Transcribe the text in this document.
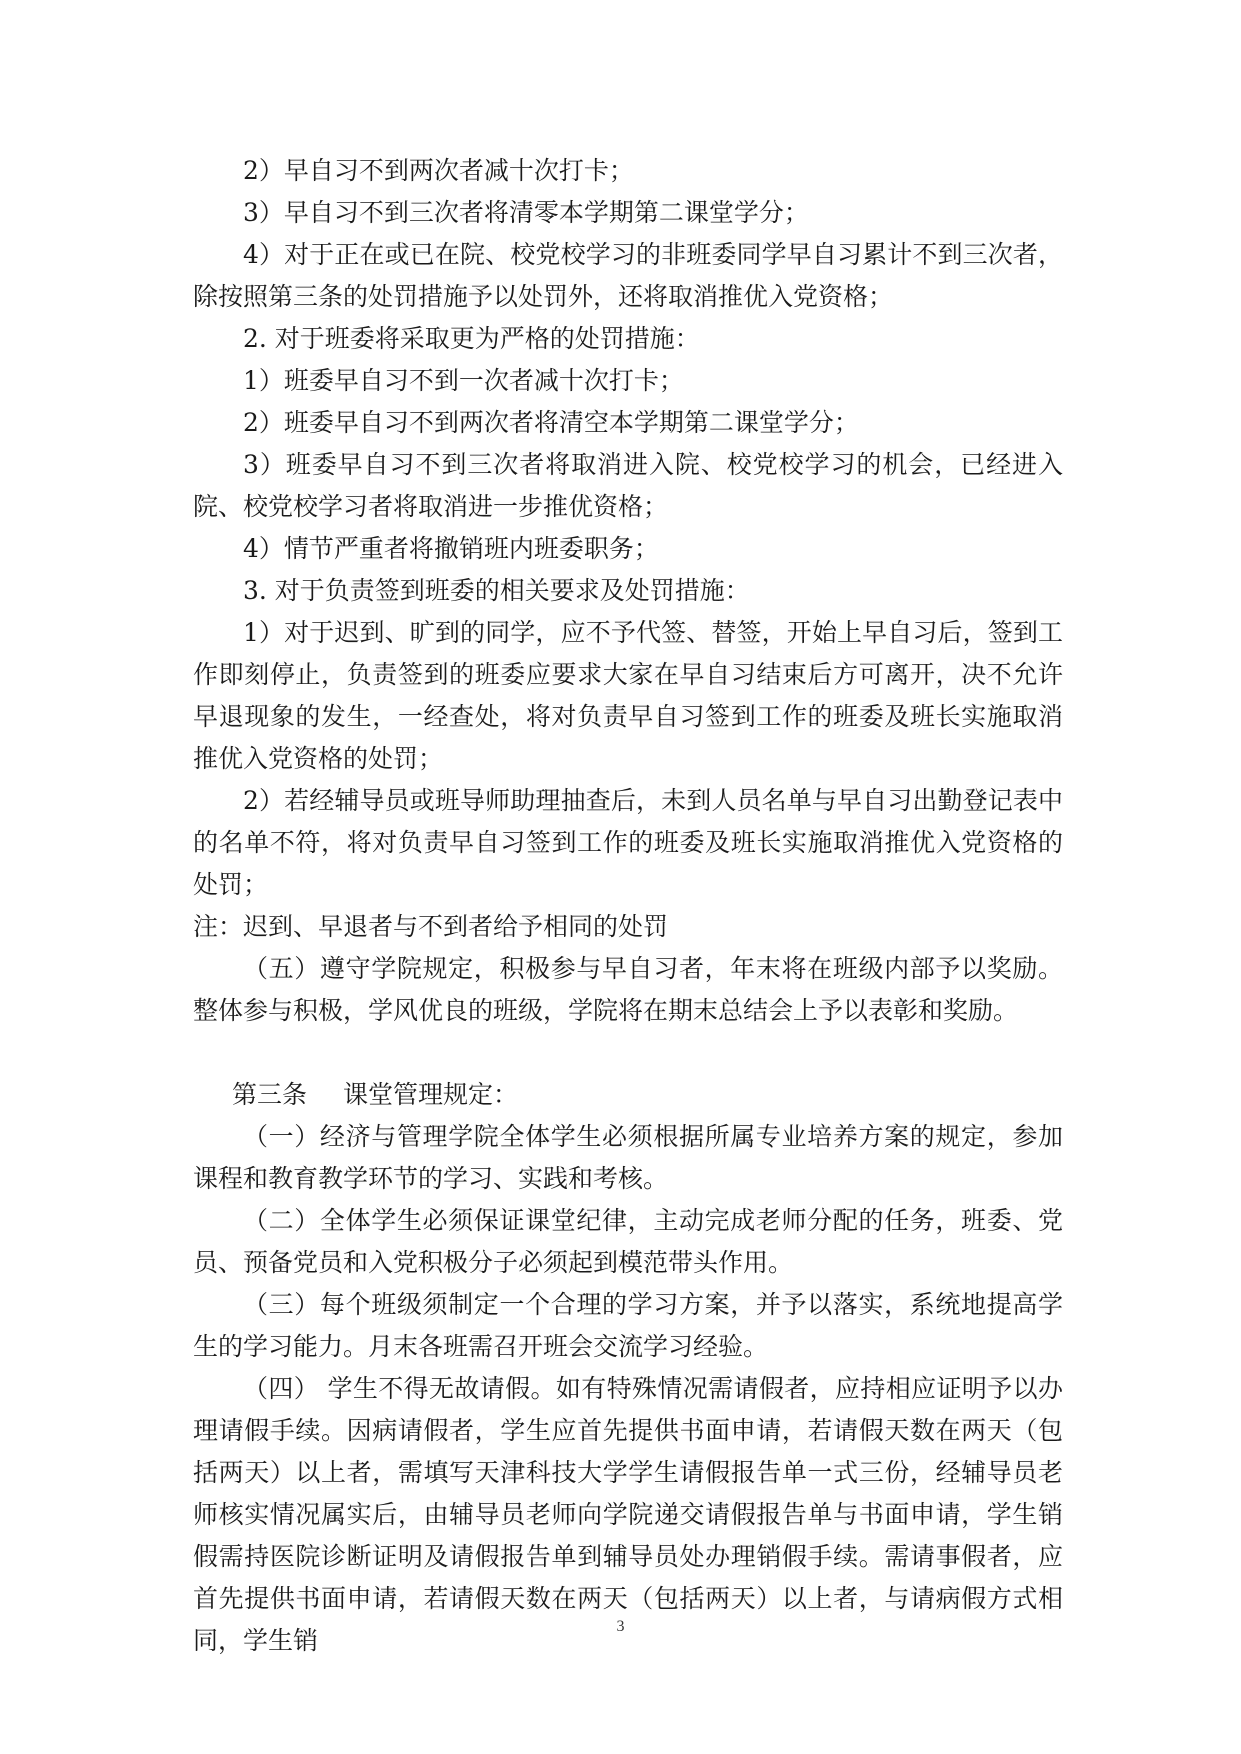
2）早自习不到两次者减十次打卡；

3）早自习不到三次者将清零本学期第二课堂学分；

4）对于正在或已在院、校党校学习的非班委同学早自习累计不到三次者，除按照第三条的处罚措施予以处罚外，还将取消推优入党资格；

2. 对于班委将采取更为严格的处罚措施：

1）班委早自习不到一次者减十次打卡；

2）班委早自习不到两次者将清空本学期第二课堂学分；

3）班委早自习不到三次者将取消进入院、校党校学习的机会，已经进入院、校党校学习者将取消进一步推优资格；

4）情节严重者将撤销班内班委职务；

3. 对于负责签到班委的相关要求及处罚措施：

1）对于迟到、旷到的同学，应不予代签、替签，开始上早自习后，签到工作即刻停止，负责签到的班委应要求大家在早自习结束后方可离开，决不允许早退现象的发生，一经查处，将对负责早自习签到工作的班委及班长实施取消推优入党资格的处罚；

2）若经辅导员或班导师助理抽查后，未到人员名单与早自习出勤登记表中的名单不符，将对负责早自习签到工作的班委及班长实施取消推优入党资格的处罚；

注：迟到、早退者与不到者给予相同的处罚

（五）遵守学院规定，积极参与早自习者，年末将在班级内部予以奖励。整体参与积极，学风优良的班级，学院将在期末总结会上予以表彰和奖励。

第三条 课堂管理规定：

（一）经济与管理学院全体学生必须根据所属专业培养方案的规定，参加课程和教育教学环节的学习、实践和考核。

（二）全体学生必须保证课堂纪律，主动完成老师分配的任务，班委、党员、预备党员和入党积极分子必须起到模范带头作用。

（三）每个班级须制定一个合理的学习方案，并予以落实，系统地提高学生的学习能力。月末各班需召开班会交流学习经验。

（四） 学生不得无故请假。如有特殊情况需请假者，应持相应证明予以办理请假手续。因病请假者，学生应首先提供书面申请，若请假天数在两天（包括两天）以上者，需填写天津科技大学学生请假报告单一式三份，经辅导员老师核实情况属实后，由辅导员老师向学院递交请假报告单与书面申请，学生销假需持医院诊断证明及请假报告单到辅导员处办理销假手续。需请事假者，应首先提供书面申请，若请假天数在两天（包括两天）以上者，与请病假方式相同，学生销	3
